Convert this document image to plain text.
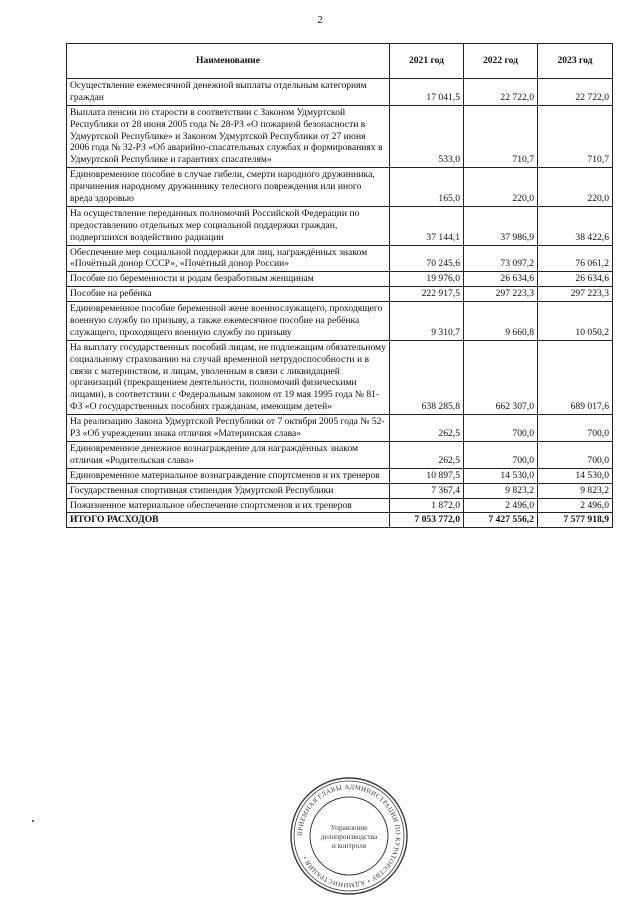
2
Наименование	2021 год	2022 год	2023 год
Осуществление ежемесячной денежной выплаты отдельным категориям граждан	17 041,5	22 722,0	22 722,0
Выплата пенсии по старости в соответствии с Законом Удмуртской Республики от 28 июня 2005 года № 28-РЗ «О пожарной безопасности в Удмуртской Республике» и Законом Удмуртской Республики от 27 июня 2006 года № 32-РЗ «Об аварийно-спасательных службах и формированиях в Удмуртской Республике и гарантиях спасателям»	533,0	710,7	710,7
Единовременное пособие в случае гибели, смерти народного дружинника, причинения народному дружиннику телесного повреждения или иного вреда здоровью	165,0	220,0	220,0
На осуществление переданных полномочий Российской Федерации по предоставлению отдельных мер социальной поддержки граждан, подвергшихся воздействию радиации	37 144,1	37 986,9	38 422,6
Обеспечение мер социальной поддержки для лиц, награждённых знаком «Почётный донор СССР», «Почётный донор России»	70 245,6	73 097,2	76 061,2
Пособие по беременности и родам безработным женщинам	19 976,0	26 634,6	26 634,6
Пособие на ребёнка	222 917,5	297 223,3	297 223,3
Единовременное пособие беременной жене военнослужащего, проходящего военную службу по призыву, а также ежемесячное пособие на ребёнка служащего, проходящего военную службу по призыву	9 310,7	9 660,8	10 050,2
На выплату государственных пособий лицам, не подлежащим обязательному социальному страхованию на случай временной нетрудоспособности и в связи с материнством, и лицам, уволенным в связи с ликвидацией организаций (прекращением деятельности, полномочий физическими лицами), в соответствии с Федеральным законом от 19 мая 1995 года № 81-ФЗ «О государственных пособиях гражданам, имеющим детей»	638 285,8	662 307,0	689 017,6
На реализацию Закона Удмуртской Республики от 7 октября 2005 года № 52-РЗ «Об учреждении знака отличия «Материнская слава»	262,5	700,0	700,0
Единовременное денежное вознаграждение для награждённых знаком отличия «Родительская слава»	262,5	700,0	700,0
Единовременное материальное вознаграждение спортсменов и их тренеров	10 897,5	14 530,0	14 530,0
Государственная спортивная стипендия Удмуртской Республики	7 367,4	9 823,2	9 823,2
Пожизненное материальное обеспечение спортсменов и их тренеров	1 872,0	2 496,0	2 496,0
ИТОГО РАСХОДОВ	7 053 772,0	7 427 556,2	7 577 918,9
ПРИЕМНАЯ ГЛАВЫ АДМИНИСТРАЦИИ ПО КУРАТОРСТВУ • АДМИНИСТРАЦИЯ •
Управление
делопроизводства
и контроля
